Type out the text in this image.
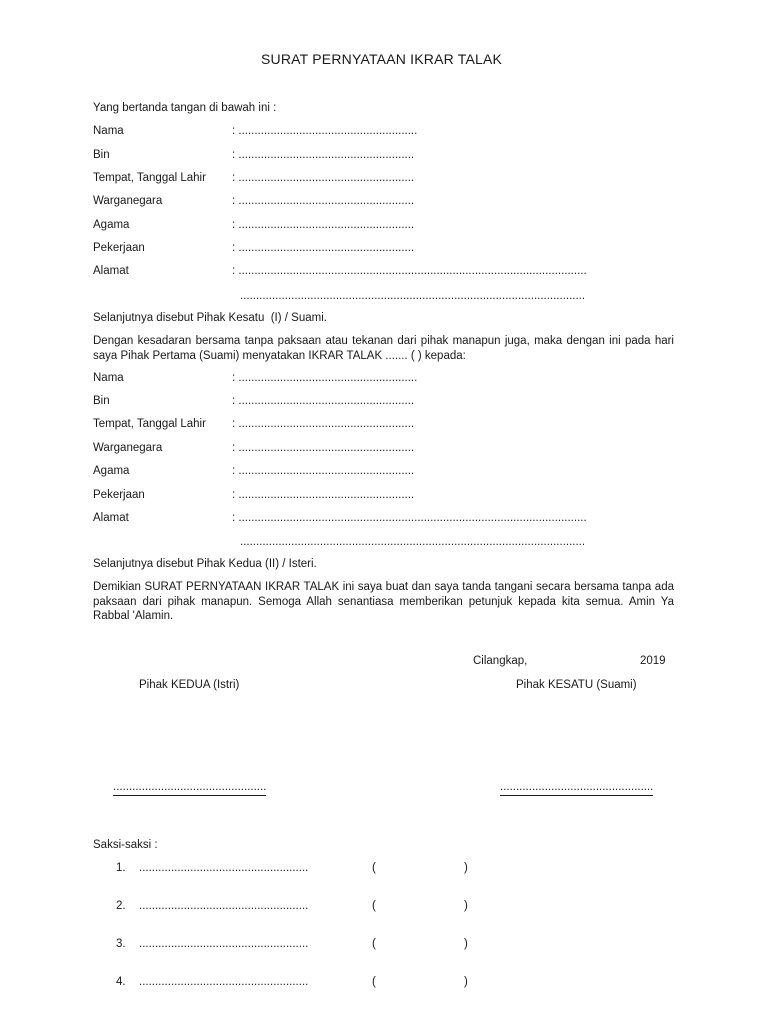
SURAT PERNYATAAN IKRAR TALAK
Yang bertanda tangan di bawah ini :
Nama	: ........................................................
Bin	: .......................................................
Tempat, Tanggal Lahir : .......................................................
Warganegara	: .......................................................
Agama	: .......................................................
Pekerjaan	: .......................................................
Alamat	: .............................................................................................................
............................................................................................................
Selanjutnya disebut Pihak Kesatu  (I) / Suami.
Dengan kesadaran bersama tanpa paksaan atau tekanan dari pihak manapun juga, maka dengan ini pada hari saya Pihak Pertama (Suami) menyatakan IKRAR TALAK ....... ( ) kepada:
Nama	: ........................................................
Bin	: .......................................................
Tempat, Tanggal Lahir : .......................................................
Warganegara	: .......................................................
Agama	: .......................................................
Pekerjaan	: .......................................................
Alamat	: .............................................................................................................
............................................................................................................
Selanjutnya disebut Pihak Kedua (II) / Isteri.
Demikian SURAT PERNYATAAN IKRAR TALAK ini saya buat dan saya tanda tangani secara bersama tanpa ada paksaan dari pihak manapun. Semoga Allah senantiasa memberikan petunjuk kepada kita semua. Amin Ya Rabbal 'Alamin.
Cilangkap,	2019
Pihak KEDUA (Istri)	Pihak KESATU (Suami)
................................................	................................................
Saksi-saksi :
1. .....................................................	(	)
2. .....................................................	(	)
3. .....................................................	(	)
4. .....................................................	(	)
